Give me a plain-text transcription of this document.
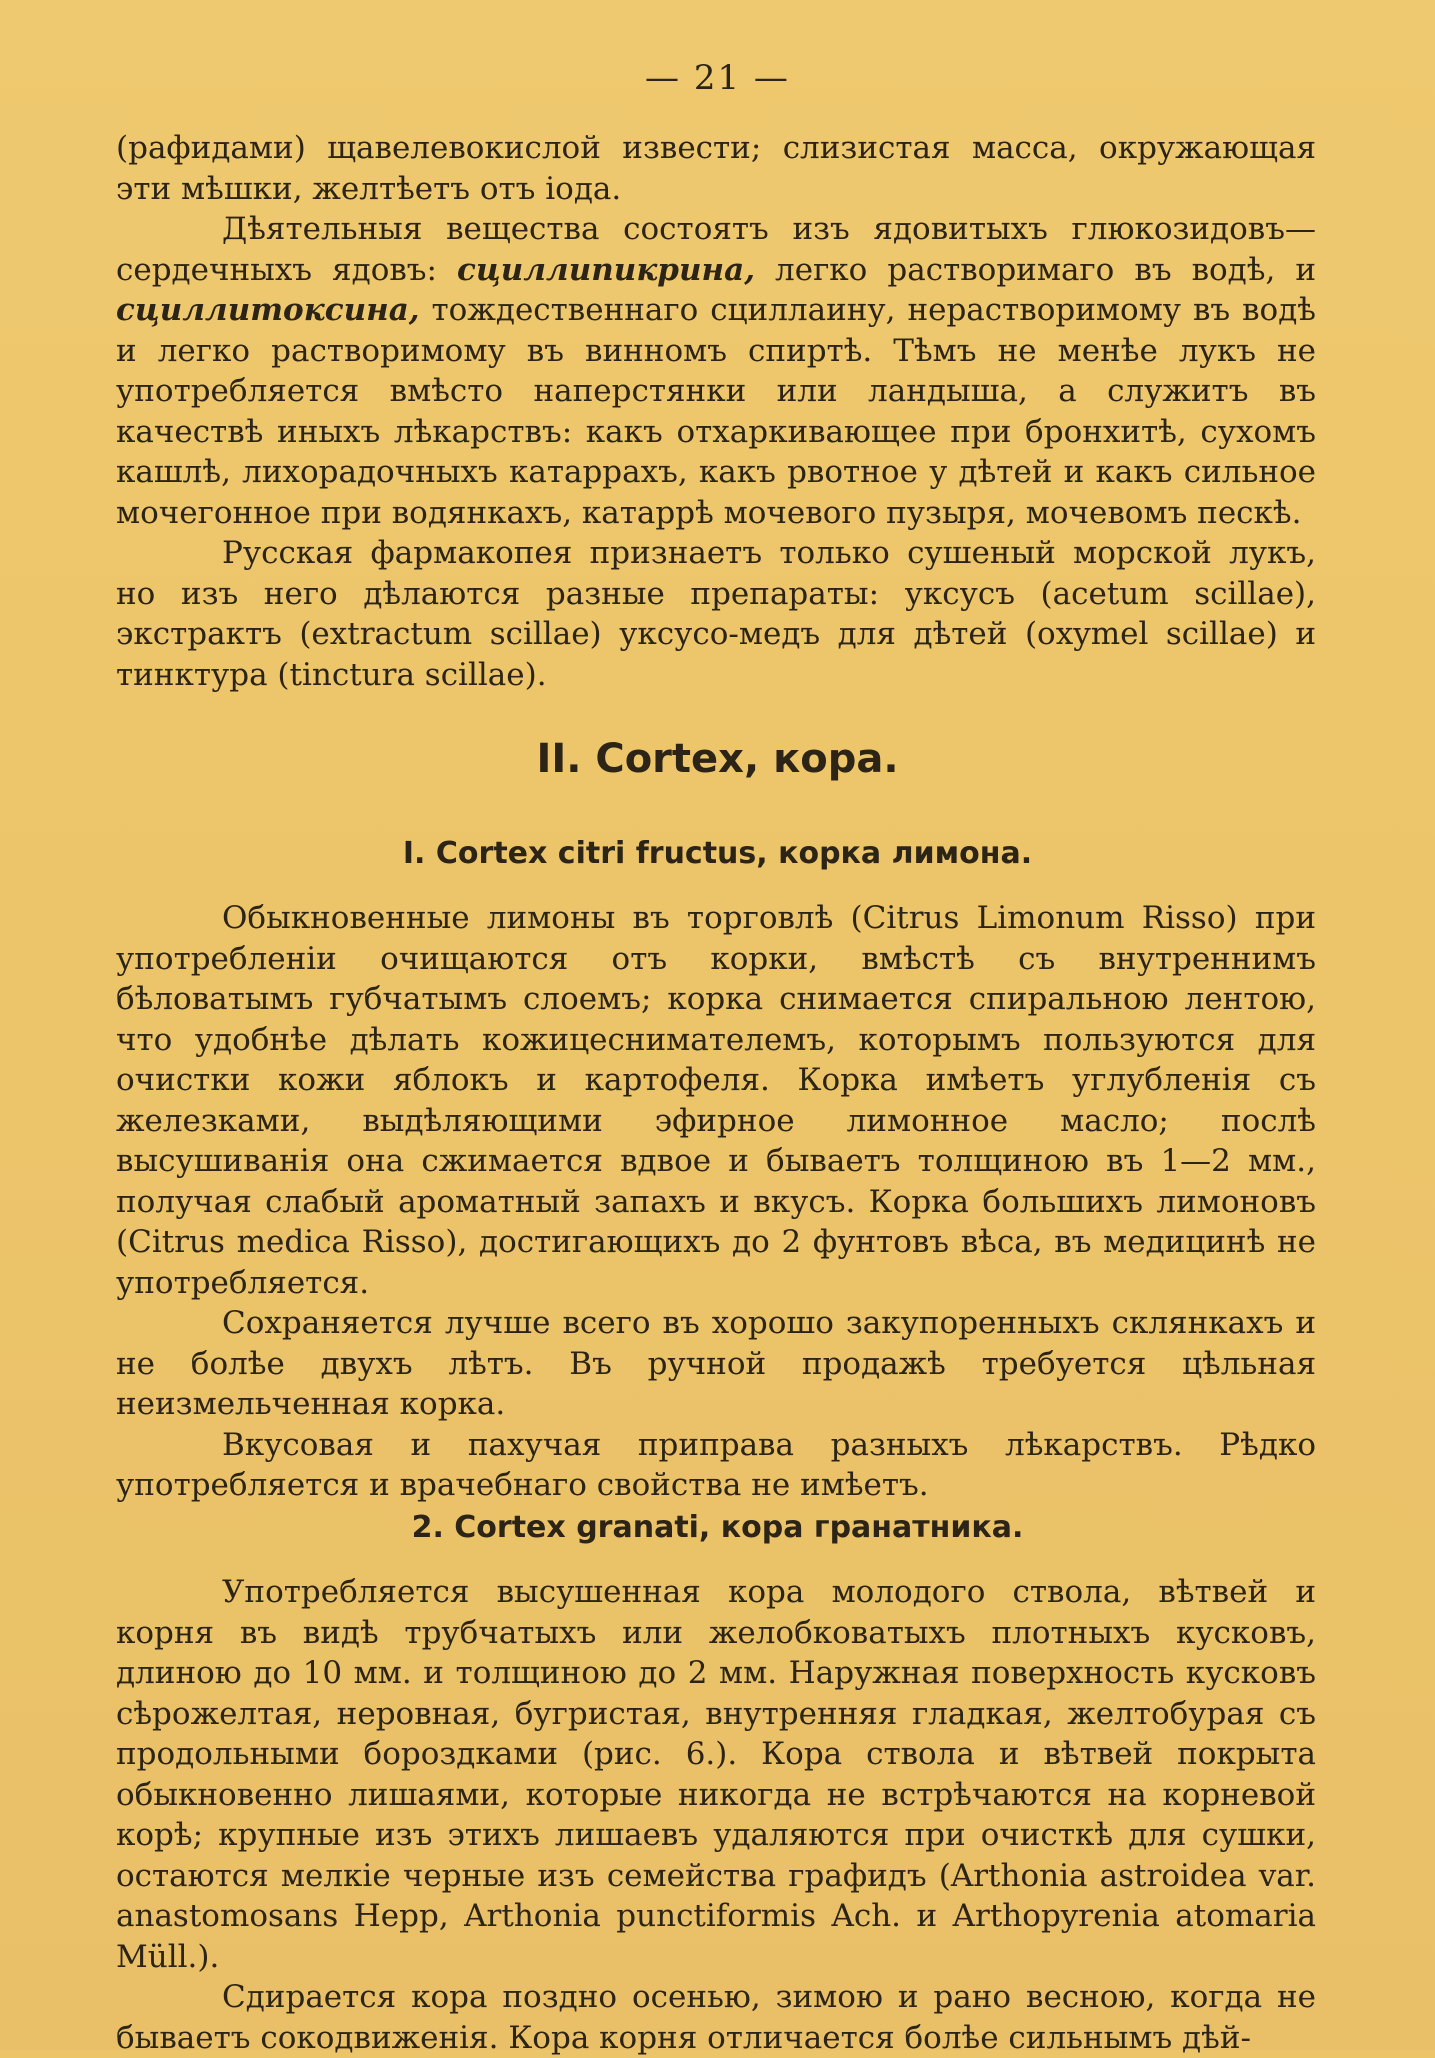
— 21 —

(рафидами) щавелевокислой извести; слизистая масса, окружающая эти мѣшки, желтѣетъ отъ іода.

Дѣятельныя вещества состоятъ изъ ядовитыхъ глюкозидовъ—сердечныхъ ядовъ: сциллипикрина, легко растворимаго въ водѣ, и сциллитоксина, тождественнаго сциллаину, нерастворимому въ водѣ и легко растворимому въ винномъ спиртѣ. Тѣмъ не менѣе лукъ не употребляется вмѣсто наперстянки или ландыша, а служитъ въ качествѣ иныхъ лѣкарствъ: какъ отхаркивающее при бронхитѣ, сухомъ кашлѣ, лихорадочныхъ катаррахъ, какъ рвотное у дѣтей и какъ сильное мочегонное при водянкахъ, катаррѣ мочевого пузыря, мочевомъ пескѣ.

Русская фармакопея признаетъ только сушеный морской лукъ, но изъ него дѣлаются разные препараты: уксусъ (acetum scillae), экстрактъ (extractum scillae) уксусо-медъ для дѣтей (oxymel scillae) и тинктура (tinctura scillae).

II. Cortex, кора.
I. Cortex citri fructus, корка лимона.

Обыкновенные лимоны въ торговлѣ (Citrus Limonum Risso) при употребленіи очищаются отъ корки, вмѣстѣ съ внутреннимъ бѣловатымъ губчатымъ слоемъ; корка снимается спиральною лентою, что удобнѣе дѣлать кожицеснимателемъ, которымъ пользуются для очистки кожи яблокъ и картофеля. Корка имѣетъ углубленія съ железками, выдѣляющими эфирное лимонное масло; послѣ высушиванія она сжимается вдвое и бываетъ толщиною въ 1—2 мм., получая слабый ароматный запахъ и вкусъ. Корка большихъ лимоновъ (Citrus medica Risso), достигающихъ до 2 фунтовъ вѣса, въ медицинѣ не употребляется.

Сохраняется лучше всего въ хорошо закупоренныхъ склянкахъ и не болѣе двухъ лѣтъ. Въ ручной продажѣ требуется цѣльная неизмельченная корка.

Вкусовая и пахучая приправа разныхъ лѣкарствъ. Рѣдко употребляется и врачебнаго свойства не имѣетъ.

2. Cortex granati, кора гранатника.

Употребляется высушенная кора молодого ствола, вѣтвей и корня въ видѣ трубчатыхъ или желобковатыхъ плотныхъ кусковъ, длиною до 10 мм. и толщиною до 2 мм. Наружная поверхность кусковъ сѣрожелтая, неровная, бугристая, внутренняя гладкая, желтобурая съ продольными бороздками (рис. 6.). Кора ствола и вѣтвей покрыта обыкновенно лишаями, которые никогда не встрѣчаются на корневой корѣ; крупные изъ этихъ лишаевъ удаляются при очисткѣ для сушки, остаются мелкіе черные изъ семейства графидъ (Arthonia astroidea var. anastomosans Hepp, Arthonia punctiformis Ach. и Arthopyrenia atomaria Müll.).

Сдирается кора поздно осенью, зимою и рано весною, когда не бываетъ сокодвиженія. Кора корня отличается болѣе сильнымъ дѣй-
